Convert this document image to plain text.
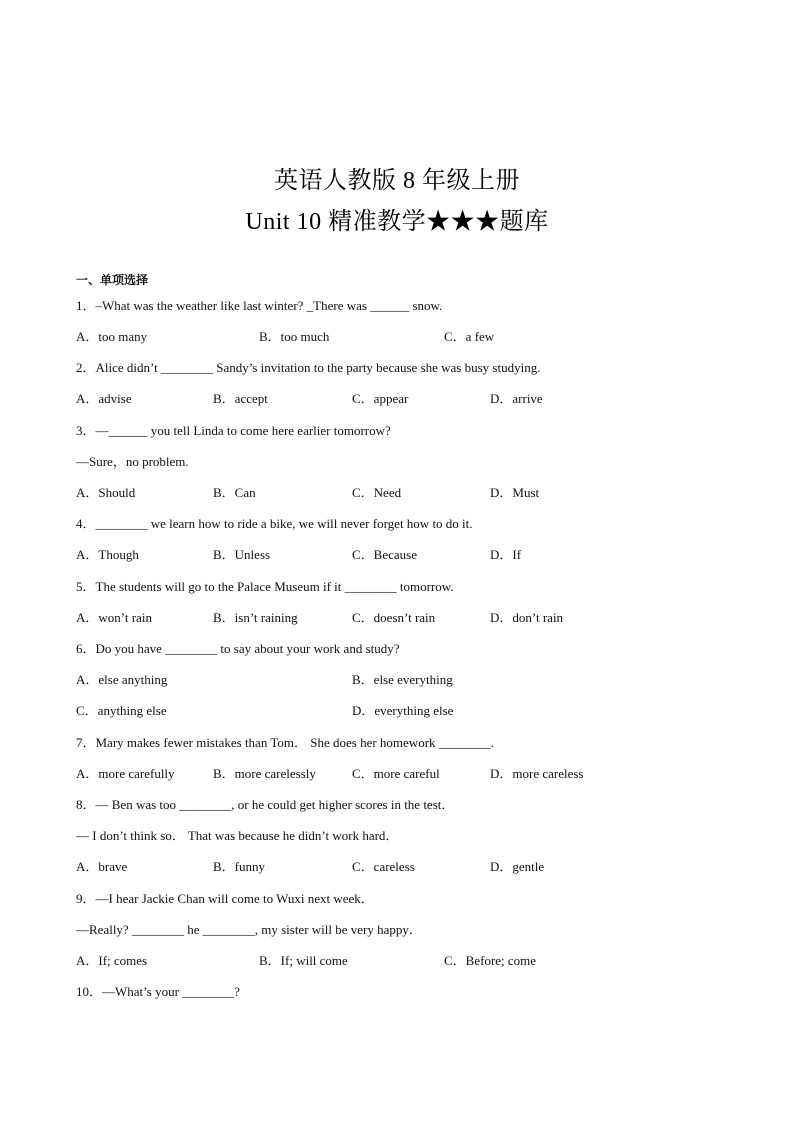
英语人教版 8 年级上册
Unit 10 精准教学★★★题库
一、单项选择
1．–What was the weather like last winter? _There was ______ snow.
A．too many	B．too much	C．a few
2．Alice didn’t ________ Sandy’s invitation to the party because she was busy studying.
A．advise	B．accept	C．appear	D．arrive
3．—______ you tell Linda to come here earlier tomorrow?
—Sure，no problem.
A．Should	B．Can	C．Need	D．Must
4．________ we learn how to ride a bike, we will never forget how to do it.
A．Though	B．Unless	C．Because	D．If
5．The students will go to the Palace Museum if it ________ tomorrow.
A．won’t rain	B．isn’t raining	C．doesn’t rain	D．don’t rain
6．Do you have ________ to say about your work and study?
A．else anything	B．else everything
C．anything else	D．everything else
7．Mary makes fewer mistakes than Tom． She does her homework ________.
A．more carefully	B．more carelessly	C．more careful	D．more careless
8．— Ben was too ________, or he could get higher scores in the test．
— I don’t think so． That was because he didn’t work hard．
A．brave	B．funny	C．careless	D．gentle
9．—I hear Jackie Chan will come to Wuxi next week．
—Really? ________ he ________, my sister will be very happy．
A．If; comes	B．If; will come	C．Before; come
10．—What’s your ________?
